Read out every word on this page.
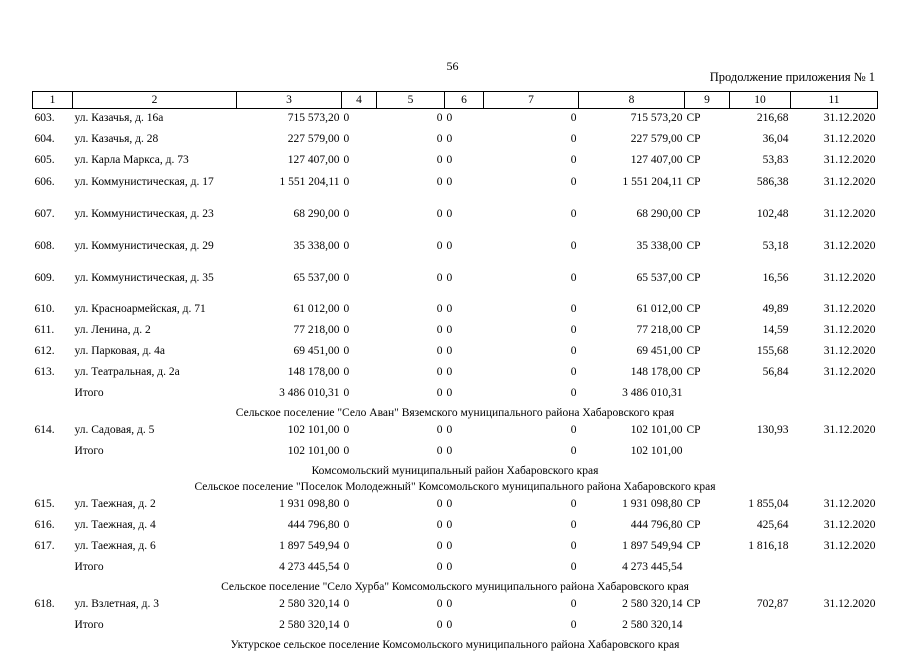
56
Продолжение приложения № 1
1	2	3	4	5	6	7	8	9	10	11
603.	ул. Казачья, д. 16а	715 573,20	0	0	0	0	715 573,20	СР	216,68	31.12.2020
604.	ул. Казачья, д. 28	227 579,00	0	0	0	0	227 579,00	СР	36,04	31.12.2020
605.	ул. Карла Маркса, д. 73	127 407,00	0	0	0	0	127 407,00	СР	53,83	31.12.2020
606.	ул. Коммунистическая, д. 17	1 551 204,11	0	0	0	0	1 551 204,11	СР	586,38	31.12.2020
607.	ул. Коммунистическая, д. 23	68 290,00	0	0	0	0	68 290,00	СР	102,48	31.12.2020
608.	ул. Коммунистическая, д. 29	35 338,00	0	0	0	0	35 338,00	СР	53,18	31.12.2020
609.	ул. Коммунистическая, д. 35	65 537,00	0	0	0	0	65 537,00	СР	16,56	31.12.2020
610.	ул. Красноармейская, д. 71	61 012,00	0	0	0	0	61 012,00	СР	49,89	31.12.2020
611.	ул. Ленина, д. 2	77 218,00	0	0	0	0	77 218,00	СР	14,59	31.12.2020
612.	ул. Парковая, д. 4а	69 451,00	0	0	0	0	69 451,00	СР	155,68	31.12.2020
613.	ул. Театральная, д. 2а	148 178,00	0	0	0	0	148 178,00	СР	56,84	31.12.2020
	Итого	3 486 010,31	0	0	0	0	3 486 010,31			
Сельское поселение "Село Аван" Вяземского муниципального района Хабаровского края										
614.	ул. Садовая, д. 5	102 101,00	0	0	0	0	102 101,00	СР	130,93	31.12.2020
	Итого	102 101,00	0	0	0	0	102 101,00			
Комсомольский муниципальный район Хабаровского края										
Сельское поселение "Поселок Молодежный" Комсомольского муниципального района Хабаровского края										
615.	ул. Таежная, д. 2	1 931 098,80	0	0	0	0	1 931 098,80	СР	1 855,04	31.12.2020
616.	ул. Таежная, д. 4	444 796,80	0	0	0	0	444 796,80	СР	425,64	31.12.2020
617.	ул. Таежная, д. 6	1 897 549,94	0	0	0	0	1 897 549,94	СР	1 816,18	31.12.2020
	Итого	4 273 445,54	0	0	0	0	4 273 445,54			
Сельское поселение "Село Хурба" Комсомольского муниципального района Хабаровского края										
618.	ул. Взлетная, д. 3	2 580 320,14	0	0	0	0	2 580 320,14	СР	702,87	31.12.2020
	Итого	2 580 320,14	0	0	0	0	2 580 320,14			
Уктурское сельское поселение Комсомольского муниципального района Хабаровского края										
